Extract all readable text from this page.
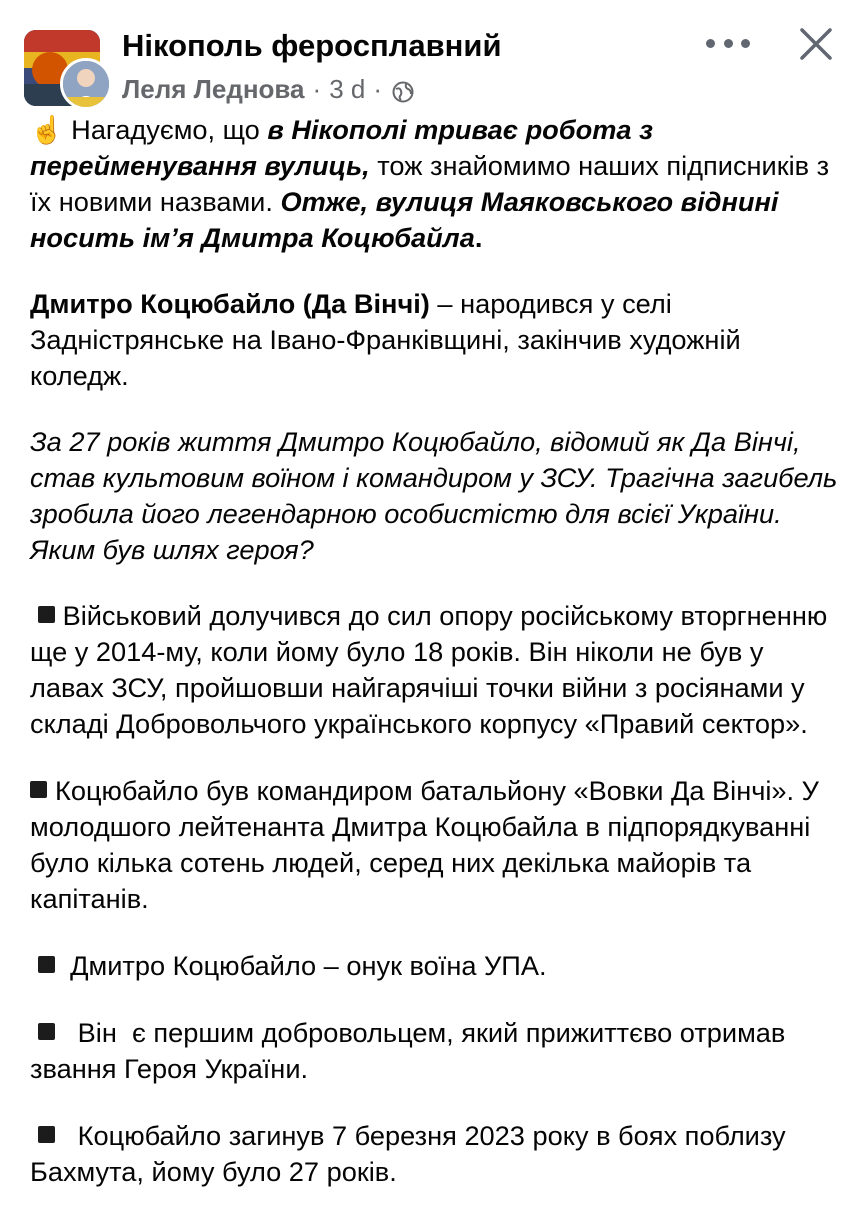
Нікополь феросплавний
Леля Леднова · 3 d ·

☝️ Нагадуємо, що в Нікополі триває робота з перейменування вулиць, тож знайомимо наших підписників з їх новими назвами. Отже, вулиця Маяковського віднині носить ім’я Дмитра Коцюбайла.

Дмитро Коцюбайло (Да Вінчі) – народився у селі Задністрянське на Івано-Франківщині, закінчив художній коледж.

За 27 років життя Дмитро Коцюбайло, відомий як Да Вінчі, став культовим воїном і командиром у ЗСУ. Трагічна загибель зробила його легендарною особистістю для всієї України. Яким був шлях героя?

Військовий долучився до сил опору російському вторгненню ще у 2014-му, коли йому було 18 років. Він ніколи не був у лавах ЗСУ, пройшовши найгарячіші точки війни з росіянами у складі Добровольчого українського корпусу «Правий сектор».

Коцюбайло був командиром батальйону «Вовки Да Вінчі». У молодшого лейтенанта Дмитра Коцюбайла в підпорядкуванні було кілька сотень людей, серед них декілька майорів та капітанів.

Дмитро Коцюбайло – онук воїна УПА.

Він  є першим добровольцем, який прижиттєво отримав звання Героя України.

Коцюбайло загинув 7 березня 2023 року в боях поблизу Бахмута, йому було 27 років.
